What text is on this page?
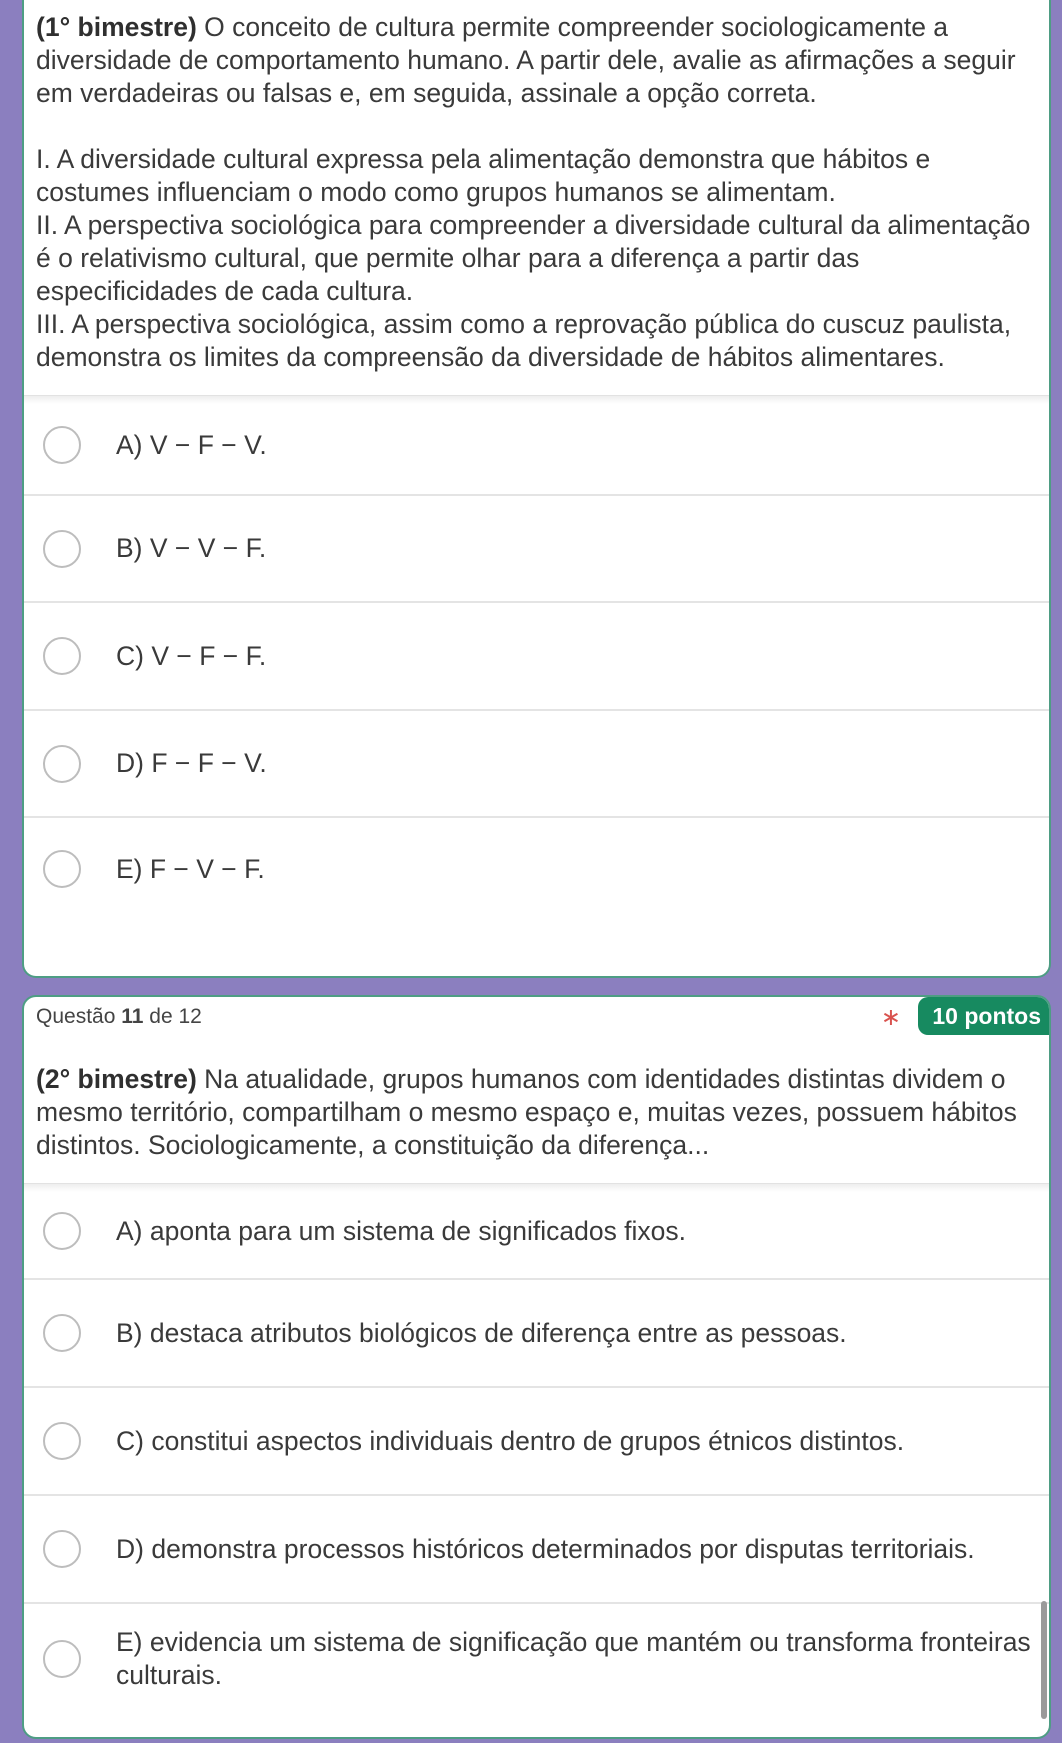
(1° bimestre) O conceito de cultura permite compreender sociologicamente a diversidade de comportamento humano. A partir dele, avalie as afirmações a seguir em verdadeiras ou falsas e, em seguida, assinale a opção correta.

I. A diversidade cultural expressa pela alimentação demonstra que hábitos e costumes influenciam o modo como grupos humanos se alimentam.

II. A perspectiva sociológica para compreender a diversidade cultural da alimentação é o relativismo cultural, que permite olhar para a diferença a partir das especificidades de cada cultura.

III. A perspectiva sociológica, assim como a reprovação pública do cuscuz paulista, demonstra os limites da compreensão da diversidade de hábitos alimentares.

A) V − F − V.
B) V − V − F.
C) V − F − F.
D) F − F − V.
E) F − V − F.
Questão 11 de 12	∗	10 pontos

(2° bimestre) Na atualidade, grupos humanos com identidades distintas dividem o mesmo território, compartilham o mesmo espaço e, muitas vezes, possuem hábitos distintos. Sociologicamente, a constituição da diferença...

A) aponta para um sistema de significados fixos.
B) destaca atributos biológicos de diferença entre as pessoas.
C) constitui aspectos individuais dentro de grupos étnicos distintos.
D) demonstra processos históricos determinados por disputas territoriais.
E) evidencia um sistema de significação que mantém ou transforma fronteiras culturais.
